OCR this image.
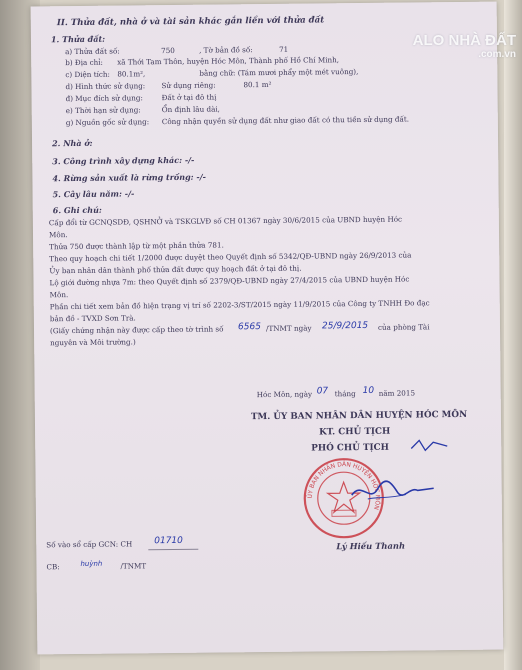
II. Thửa đất, nhà ở và tài sản khác gắn liền với thửa đất
1. Thửa đất:
a) Thửa đất số:	750	, Tờ bản đồ số:	71
b) Địa chỉ: xã Thới Tam Thôn, huyện Hóc Môn, Thành phố Hồ Chí Minh,
c) Diện tích: 80.1m²,	bằng chữ: (Tám mươi phẩy một mét vuông),
d) Hình thức sử dụng: Sử dụng riêng:	80.1 m²
đ) Mục đích sử dụng:	Đất ở tại đô thị
e) Thời hạn sử dụng:	Ổn định lâu dài,
g) Nguồn gốc sử dụng: Công nhận quyền sử dụng đất như giao đất có thu tiền sử dụng đất.
2. Nhà ở:
3. Công trình xây dựng khác: -/-
4. Rừng sản xuất là rừng trồng: -/-
5. Cây lâu năm: -/-
6. Ghi chú:
Cấp đổi từ GCNQSDĐ, QSHNỞ và TSKGLVĐ số CH 01367 ngày 30/6/2015 của UBND huyện Hóc
Môn.
Thửa 750 được thành lập từ một phần thửa 781.
Theo quy hoạch chi tiết 1/2000 được duyệt theo Quyết định số 5342/QĐ-UBND ngày 26/9/2013 của
Ủy ban nhân dân thành phố thửa đất được quy hoạch đất ở tại đô thị.
Lộ giới đường nhựa 7m: theo Quyết định số 2379/QĐ-UBND ngày 27/4/2015 của UBND huyện Hóc
Môn.
Phần chi tiết xem bản đồ hiện trạng vị trí số 2202-3/ST/2015 ngày 11/9/2015 của Công ty TNHH Đo đạc
bản đồ - TVXD Sơn Trà.
(Giấy chứng nhận này được cấp theo tờ trình số 6565 /TNMT ngày 25/9/2015 của phòng Tài
nguyên và Môi trường.)
Hóc Môn, ngày 07 tháng 10 năm 2015
TM. ỦY BAN NHÂN DÂN HUYỆN HÓC MÔN
KT. CHỦ TỊCH
PHÓ CHỦ TỊCH
ỦY BAN NHÂN DÂN HUYỆN HÓC MÔN
Lý Hiếu Thanh
Số vào sổ cấp GCN: CH 01710
CB:	huỳnh	/TNMT
ALO NHÀ ĐẤT
.com.vn
